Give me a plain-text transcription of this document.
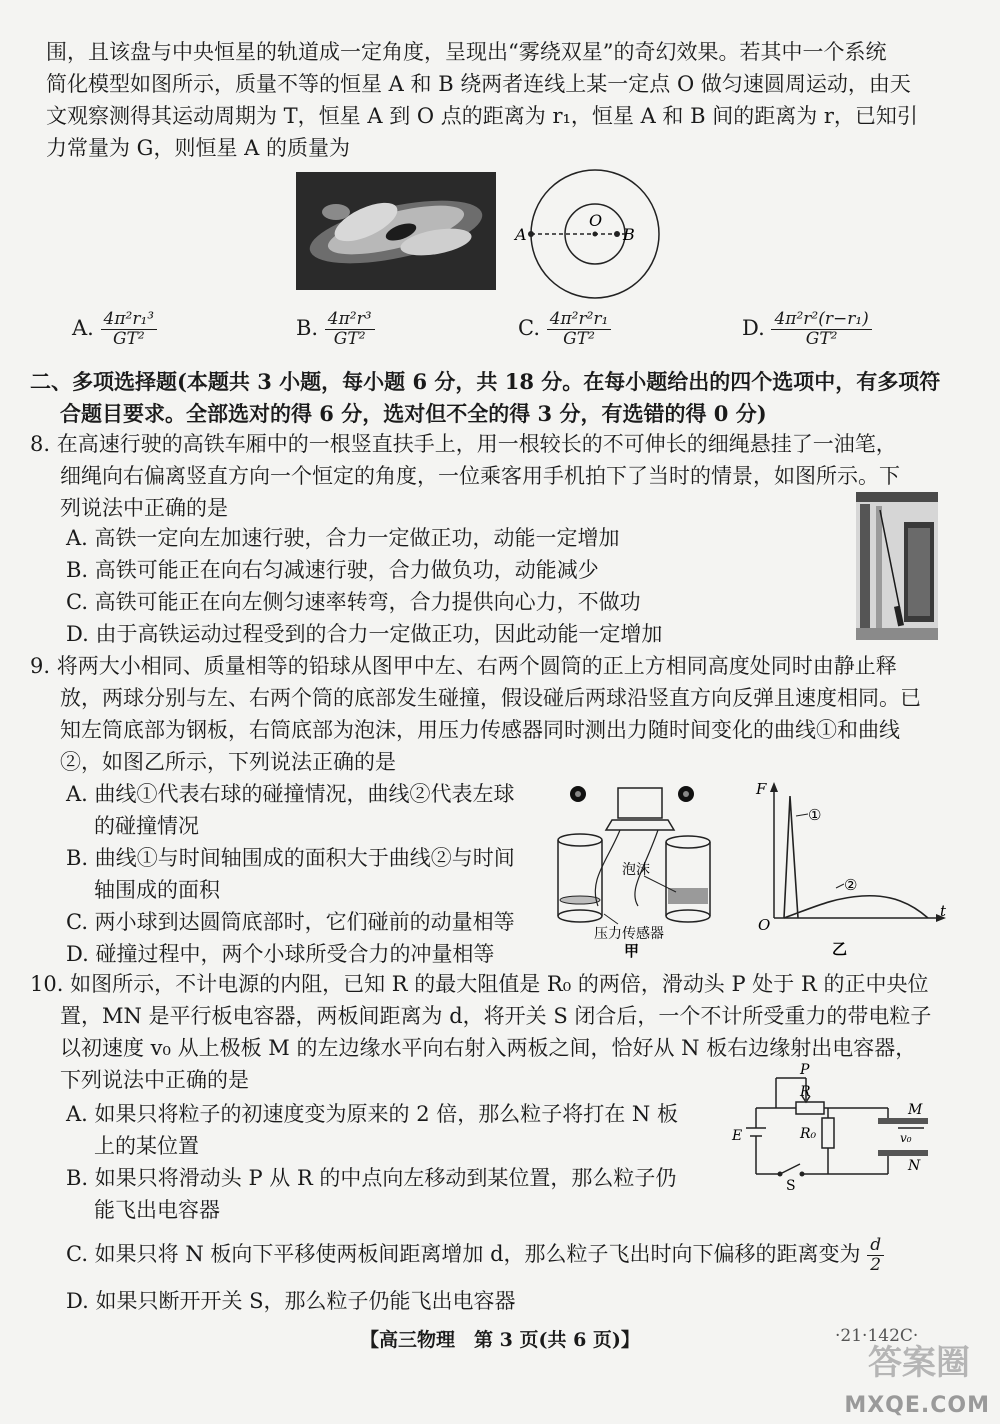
围，且该盘与中央恒星的轨道成一定角度，呈现出“雾绕双星”的奇幻效果。若其中一个系统
简化模型如图所示，质量不等的恒星 A 和 B 绕两者连线上某一定点 O 做匀速圆周运动，由天
文观察测得其运动周期为 T，恒星 A 到 O 点的距离为 r₁，恒星 A 和 B 间的距离为 r，已知引
力常量为 G，则恒星 A 的质量为
A
O
B
A. $\frac{\text{4π²r₁³}}{\text{GT²}}$	B. $\frac{\text{4π²r³}}{\text{GT²}}$	C. $\frac{\text{4π²r²r₁}}{\text{GT²}}$	D. $\frac{\text{4π²r²(r−r₁)}}{\text{GT²}}$
二、多项选择题(本题共 3 小题，每小题 6 分，共 18 分。在每小题给出的四个选项中，有多项符
合题目要求。全部选对的得 6 分，选对但不全的得 3 分，有选错的得 0 分)
8. 在高速行驶的高铁车厢中的一根竖直扶手上，用一根较长的不可伸长的细绳悬挂了一油笔，
细绳向右偏离竖直方向一个恒定的角度，一位乘客用手机拍下了当时的情景，如图所示。下
列说法中正确的是
A. 高铁一定向左加速行驶，合力一定做正功，动能一定增加
B. 高铁可能正在向右匀减速行驶，合力做负功，动能减少
C. 高铁可能正在向左侧匀速率转弯，合力提供向心力，不做功
D. 由于高铁运动过程受到的合力一定做正功，因此动能一定增加
9. 将两大小相同、质量相等的铅球从图甲中左、右两个圆筒的正上方相同高度处同时由静止释
放，两球分别与左、右两个筒的底部发生碰撞，假设碰后两球沿竖直方向反弹且速度相同。已
知左筒底部为钢板，右筒底部为泡沫，用压力传感器同时测出力随时间变化的曲线①和曲线
②，如图乙所示，下列说法正确的是
A. 曲线①代表右球的碰撞情况，曲线②代表左球
的碰撞情况
B. 曲线①与时间轴围成的面积大于曲线②与时间
轴围成的面积
C. 两小球到达圆筒底部时，它们碰前的动量相等
D. 碰撞过程中，两个小球所受合力的冲量相等
泡沫
压力传感器
甲
F
t
O
①
②
乙
10. 如图所示，不计电源的内阻，已知 R 的最大阻值是 R₀ 的两倍，滑动头 P 处于 R 的正中央位
置，MN 是平行板电容器，两板间距离为 d，将开关 S 闭合后，一个不计所受重力的带电粒子
以初速度 v₀ 从上极板 M 的左边缘水平向右射入两板之间，恰好从 N 板右边缘射出电容器，
下列说法中正确的是
A. 如果只将粒子的初速度变为原来的 2 倍，那么粒子将打在 N 板
上的某位置
B. 如果只将滑动头 P 从 R 的中点向左移动到某位置，那么粒子仍
能飞出电容器
C. 如果只将 N 板向下平移使两板间距离增加 d，那么粒子飞出时向下偏移的距离变为 $\frac{d}{2}$
D. 如果只断开开关 S，那么粒子仍能飞出电容器
P
R
R₀
E
S
M
N
v₀
【高三物理　第 3 页(共 6 页)】	·21·142C·
答案圈
MXQE.COM
